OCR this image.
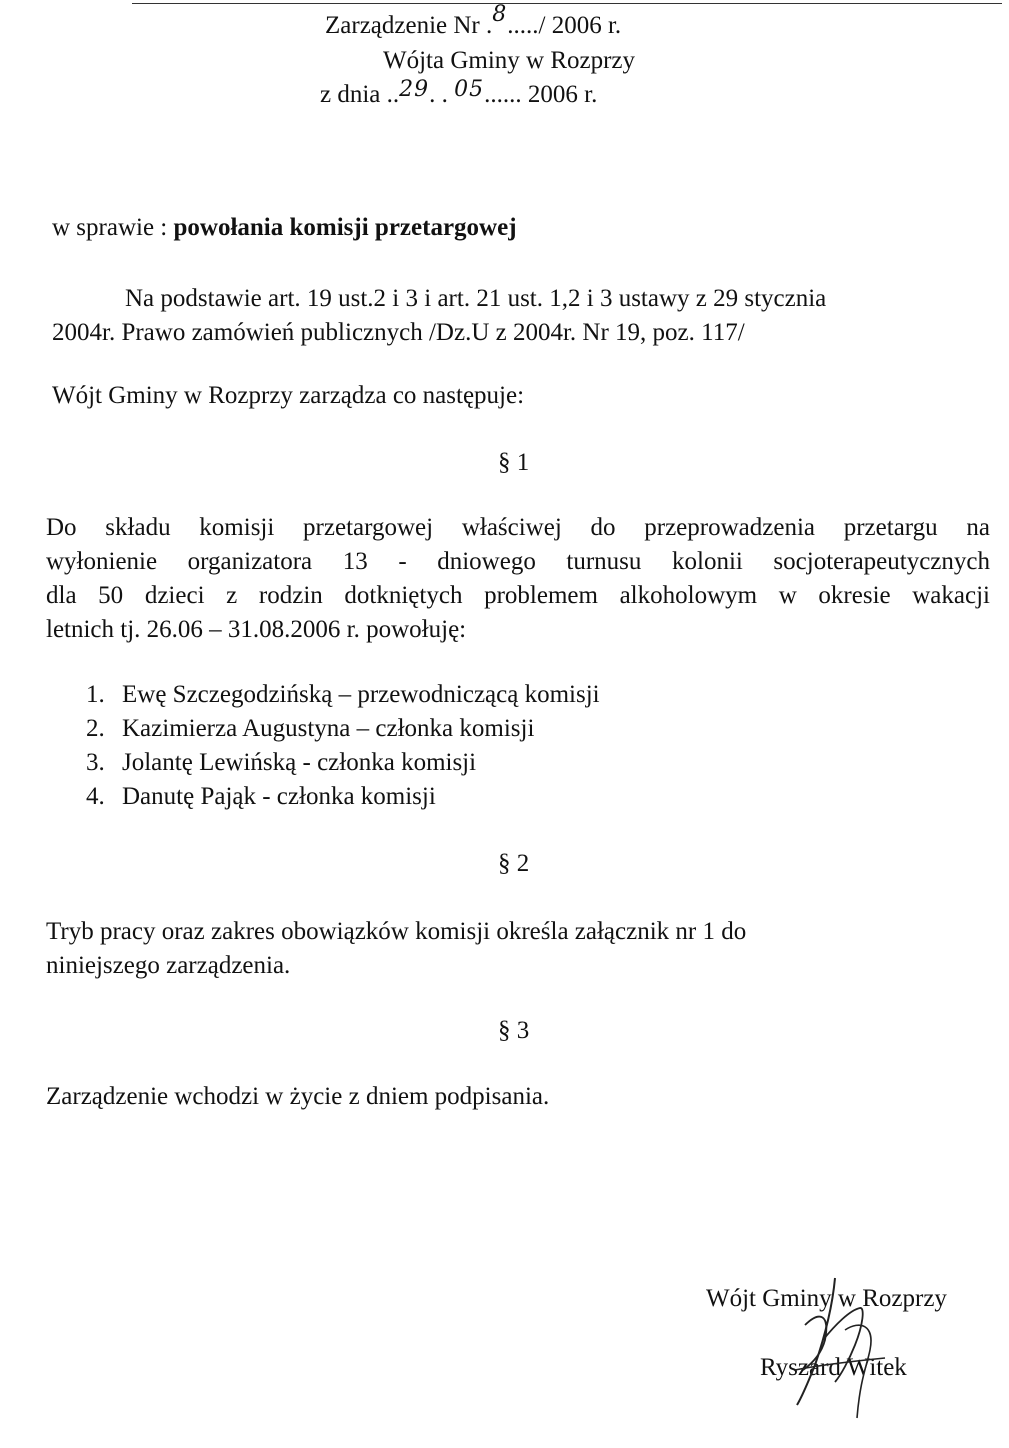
Zarządzenie Nr .8...../ 2006 r.
Wójta Gminy w Rozprzy
z dnia ..29. . 05...... 2006 r.
w sprawie : powołania komisji przetargowej
Na podstawie art. 19 ust.2 i 3 i art. 21 ust. 1,2 i 3 ustawy z 29 stycznia
2004r. Prawo zamówień publicznych /Dz.U z 2004r. Nr 19, poz. 117/
Wójt Gminy w Rozprzy zarządza co następuje:
§ 1
Do składu komisji przetargowej właściwej do przeprowadzenia przetargu na
wyłonienie organizatora 13 - dniowego turnusu kolonii socjoterapeutycznych
dla 50 dzieci z rodzin dotkniętych problemem alkoholowym w okresie wakacji
letnich tj. 26.06 – 31.08.2006 r. powołuję:
1. Ewę Szczegodzińską – przewodniczącą komisji
2. Kazimierza Augustyna – członka komisji
3. Jolantę Lewińską - członka komisji
4. Danutę Pająk - członka komisji
§ 2
Tryb pracy oraz zakres obowiązków komisji określa załącznik nr 1 do
niniejszego zarządzenia.
§ 3
Zarządzenie wchodzi w życie z dniem podpisania.
Wójt Gminy w Rozprzy
Ryszard Witek
